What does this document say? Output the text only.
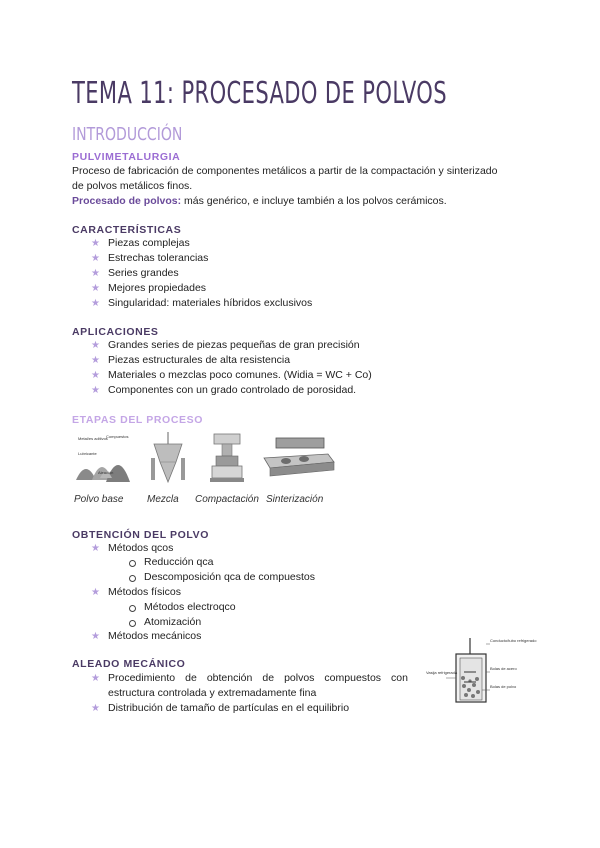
TEMA 11: PROCESADO DE POLVOS
INTRODUCCIÓN
PULVIMETALURGIA
Proceso de fabricación de componentes metálicos a partir de la compactación y sinterizado
de polvos metálicos finos.
Procesado de polvos: más genérico, e incluye también a los polvos cerámicos.
CARACTERÍSTICAS
★ Piezas complejas
★ Estrechas tolerancias
★ Series grandes
★ Mejores propiedades
★ Singularidad: materiales híbridos exclusivos
APLICACIONES
★ Grandes series de piezas pequeñas de gran precisión
★ Piezas estructurales de alta resistencia
★ Materiales o mezclas poco comunes. (Widia = WC + Co)
★ Componentes con un grado controlado de porosidad.
ETAPAS DEL PROCESO
Metal/es aditivos
Lubricante
Compuestos
Aleación
Polvo base Mezcla Compactación Sinterización
OBTENCIÓN DEL POLVO
★ Métodos qcos
Reducción qca
Descomposición qca de compuestos
★ Métodos físicos
Métodos electroqco
Atomización
★ Métodos mecánicos
ALEADO MECÁNICO
★ Procedimiento de obtención de polvos compuestos con
estructura controlada y extremadamente fina
★ Distribución de tamaño de partículas en el equilibrio
Vasija refrigerada
Conducto/tubo refrigerado
Bolas de acero
Bolas de polvo
